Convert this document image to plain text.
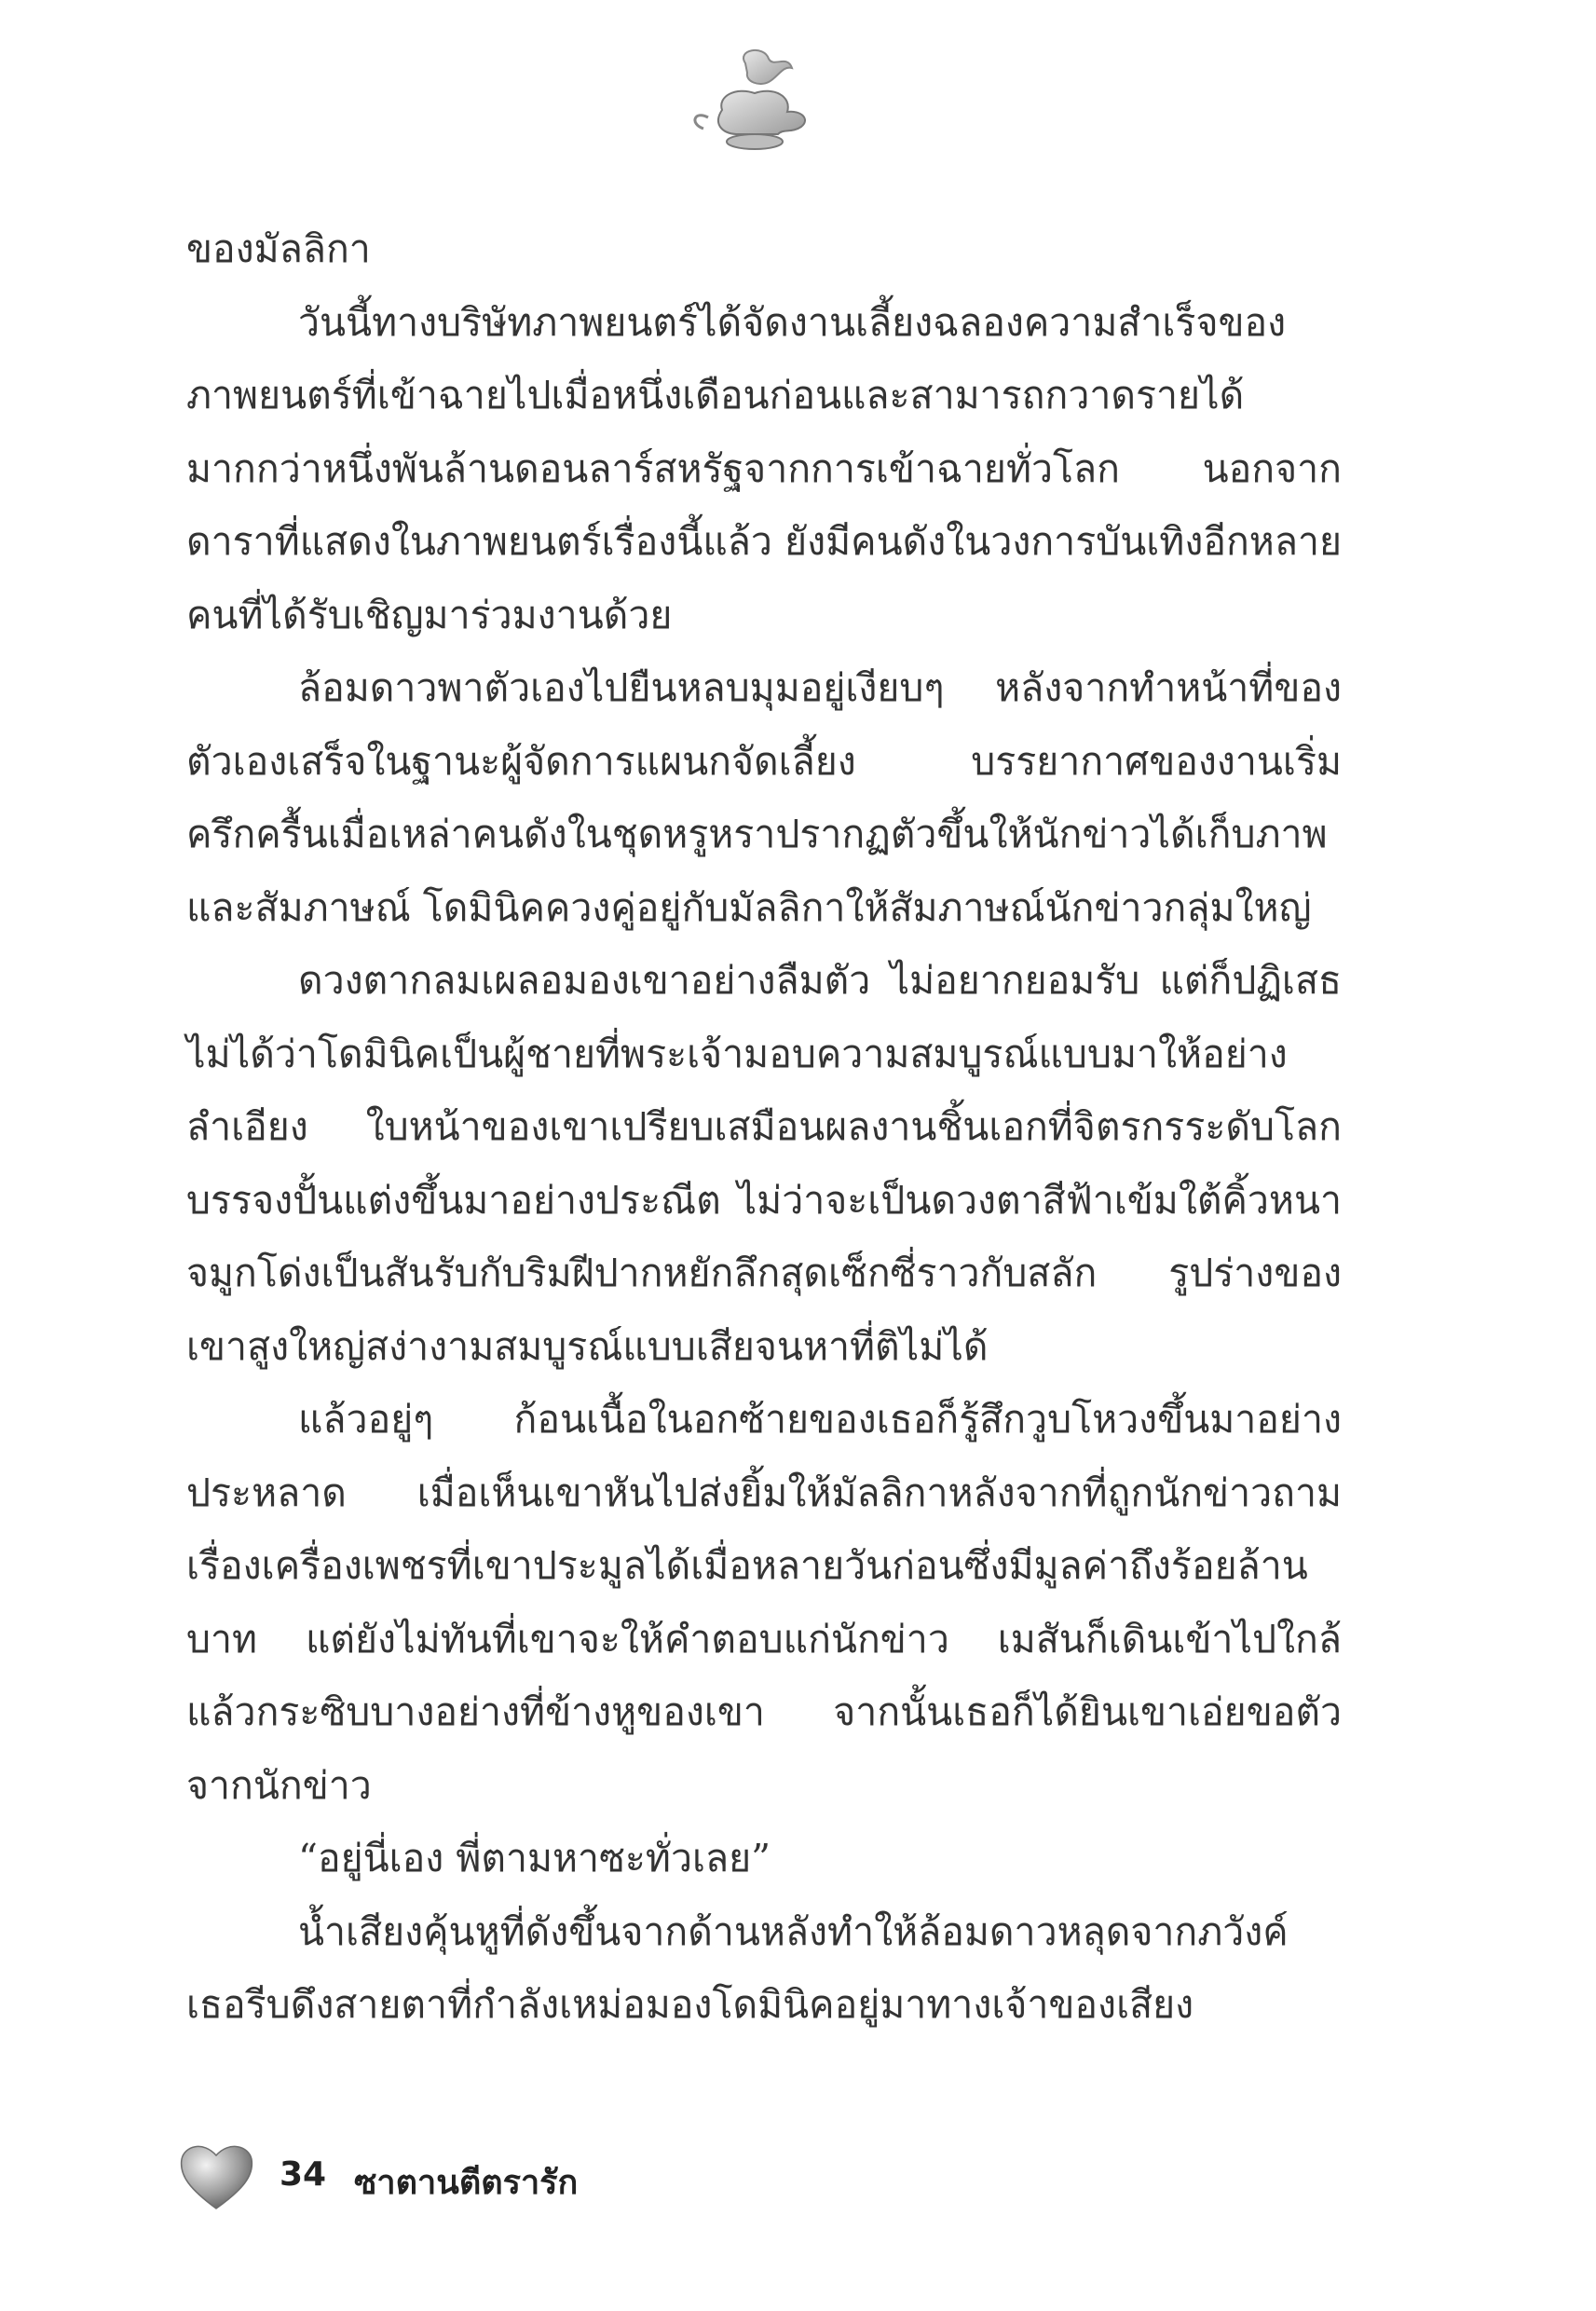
ของมัลลิกา

วันนี้ทางบริษัทภาพยนตร์ได้จัดงานเลี้ยงฉลองความสำเร็จของภาพยนตร์ที่เข้าฉายไปเมื่อหนึ่งเดือนก่อนและสามารถกวาดรายได้มากกว่าหนึ่งพันล้านดอนลาร์สหรัฐจากการเข้าฉายทั่วโลก นอกจากดาราที่แสดงในภาพยนตร์เรื่องนี้แล้ว ยังมีคนดังในวงการบันเทิงอีกหลายคนที่ได้รับเชิญมาร่วมงานด้วย

ล้อมดาวพาตัวเองไปยืนหลบมุมอยู่เงียบๆ หลังจากทำหน้าที่ของตัวเองเสร็จในฐานะผู้จัดการแผนกจัดเลี้ยง บรรยากาศของงานเริ่มครึกครื้นเมื่อเหล่าคนดังในชุดหรูหราปรากฏตัวขึ้นให้นักข่าวได้เก็บภาพและสัมภาษณ์ โดมินิคควงคู่อยู่กับมัลลิกาให้สัมภาษณ์นักข่าวกลุ่มใหญ่

ดวงตากลมเผลอมองเขาอย่างลืมตัว ไม่อยากยอมรับ แต่ก็ปฏิเสธไม่ได้ว่าโดมินิคเป็นผู้ชายที่พระเจ้ามอบความสมบูรณ์แบบมาให้อย่างลำเอียง ใบหน้าของเขาเปรียบเสมือนผลงานชิ้นเอกที่จิตรกรระดับโลกบรรจงปั้นแต่งขึ้นมาอย่างประณีต ไม่ว่าจะเป็นดวงตาสีฟ้าเข้มใต้คิ้วหนาจมูกโด่งเป็นสันรับกับริมฝีปากหยักลึกสุดเซ็กซี่ราวกับสลัก รูปร่างของเขาสูงใหญ่สง่างามสมบูรณ์แบบเสียจนหาที่ติไม่ได้

แล้วอยู่ๆ ก้อนเนื้อในอกซ้ายของเธอก็รู้สึกวูบโหวงขึ้นมาอย่างประหลาด เมื่อเห็นเขาหันไปส่งยิ้มให้มัลลิกาหลังจากที่ถูกนักข่าวถามเรื่องเครื่องเพชรที่เขาประมูลได้เมื่อหลายวันก่อนซึ่งมีมูลค่าถึงร้อยล้านบาท แต่ยังไม่ทันที่เขาจะให้คำตอบแก่นักข่าว เมสันก็เดินเข้าไปใกล้แล้วกระซิบบางอย่างที่ข้างหูของเขา จากนั้นเธอก็ได้ยินเขาเอ่ยขอตัวจากนักข่าว

“อยู่นี่เอง พี่ตามหาซะทั่วเลย”

น้ำเสียงคุ้นหูที่ดังขึ้นจากด้านหลังทำให้ล้อมดาวหลุดจากภวังค์เธอรีบดึงสายตาที่กำลังเหม่อมองโดมินิคอยู่มาทางเจ้าของเสียง

34 ซาตานตีตรารัก
